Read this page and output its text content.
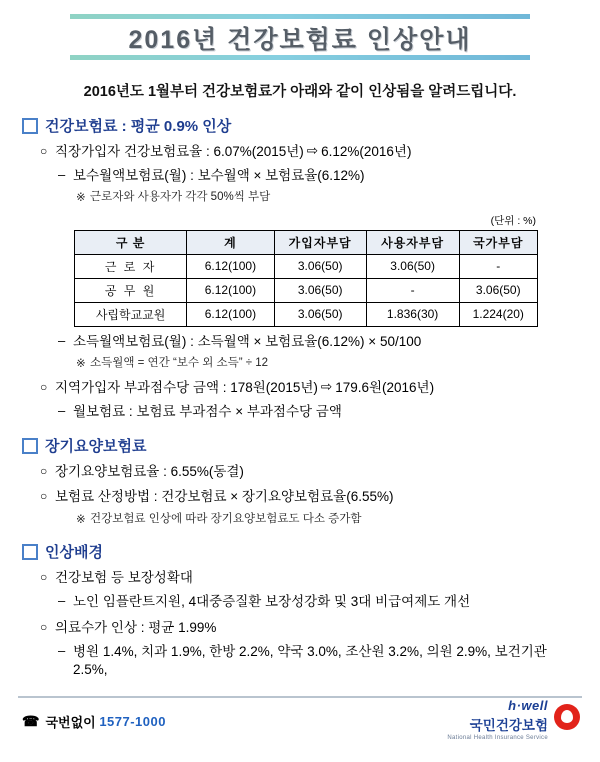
2016년 건강보험료 인상안내
2016년도 1월부터 건강보험료가 아래와 같이 인상됨을 알려드립니다.
건강보험료 : 평균 0.9% 인상
○ 직장가입자 건강보험료율 : 6.07%(2015년) ⇨ 6.12%(2016년)
– 보수월액보험료(월) : 보수월액 × 보험료율(6.12%)
※ 근로자와 사용자가 각각 50%씩 부담
(단위 : %)
구 분	계	가입자부담	사용자부담	국가부담
근 로 자	6.12(100)	3.06(50)	3.06(50)	-
공 무 원	6.12(100)	3.06(50)	-	3.06(50)
사립학교교원	6.12(100)	3.06(50)	1.836(30)	1.224(20)
– 소득월액보험료(월) : 소득월액 × 보험료율(6.12%) × 50/100
※ 소득월액 = 연간 “보수 외 소득” ÷ 12
○ 지역가입자 부과점수당 금액 : 178원(2015년) ⇨ 179.6원(2016년)
– 월보험료 : 보험료 부과점수 × 부과점수당 금액
장기요양보험료
○ 장기요양보험료율 : 6.55%(동결)
○ 보험료 산정방법 : 건강보험료 × 장기요양보험료율(6.55%)
※ 건강보험료 인상에 따라 장기요양보험료도 다소 증가함
인상배경
○ 건강보험 등 보장성확대
– 노인 임플란트지원, 4대중증질환 보장성강화 및 3대 비급여제도 개선
○ 의료수가 인상 : 평균 1.99%
– 병원 1.4%, 치과 1.9%, 한방 2.2%, 약국 3.0%, 조산원 3.2%, 의원 2.9%, 보건기관 2.5%,
☎ 국번없이
1577-1000
h·well
국민건강보험
National Health Insurance Service
